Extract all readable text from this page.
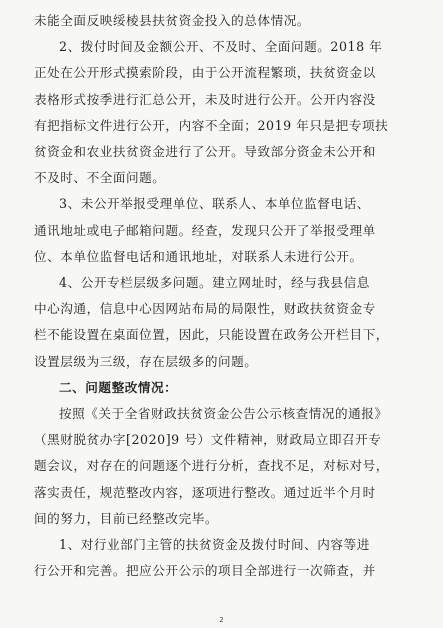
未能全面反映绥棱县扶贫资金投入的总体情况。
2、拨付时间及金额公开、不及时、全面问题。2018 年
正处在公开形式摸索阶段，由于公开流程繁琐，扶贫资金以
表格形式按季进行汇总公开，未及时进行公开。公开内容没
有把指标文件进行公开，内容不全面；2019 年只是把专项扶
贫资金和农业扶贫资金进行了公开。导致部分资金未公开和
不及时、不全面问题。
3、未公开举报受理单位、联系人、本单位监督电话、
通讯地址或电子邮箱问题。经查，发现只公开了举报受理单
位、本单位监督电话和通讯地址，对联系人未进行公开。
4、公开专栏层级多问题。建立网址时，经与我县信息
中心沟通，信息中心因网站布局的局限性，财政扶贫资金专
栏不能设置在桌面位置，因此，只能设置在政务公开栏目下，
设置层级为三级，存在层级多的问题。
二、问题整改情况：
按照《关于全省财政扶贫资金公告公示核查情况的通报》
（黑财脱贫办字[2020]9 号）文件精神，财政局立即召开专
题会议，对存在的问题逐个进行分析，查找不足，对标对号，
落实责任，规范整改内容，逐项进行整改。通过近半个月时
间的努力，目前已经整改完毕。
1、对行业部门主管的扶贫资金及拨付时间、内容等进
行公开和完善。把应公开公示的项目全部进行一次筛查，并
2
